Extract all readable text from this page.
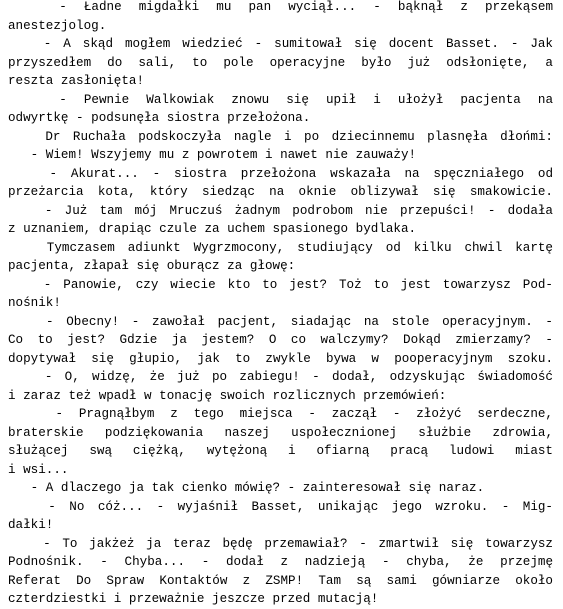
- Ładne migdałki mu pan wyciął... - bąknął z przekąsem
anestezjolog.
- A skąd mogłem wiedzieć - sumitował się docent Basset. - Jak
przyszedłem do sali, to pole operacyjne było już odsłonięte, a
reszta zasłonięta!
- Pewnie Walkowiak znowu się upił i ułożył pacjenta na
odwyrtkę - podsunęła siostra przełożona.
Dr Ruchała podskoczyła nagle i po dziecinnemu plasnęła dłońmi:
- Wiem! Wszyjemy mu z powrotem i nawet nie zauważy!
- Akurat... - siostra przełożona wskazała na spęczniałego od
przeżarcia kota, który siedząc na oknie oblizywał się smakowicie.
- Już tam mój Mruczuś żadnym podrobom nie przepuści! - dodała
z uznaniem, drapiąc czule za uchem spasionego bydlaka.
Tymczasem adiunkt Wygrzmocony, studiujący od kilku chwil kartę
pacjenta, złapał się oburącz za głowę:
- Panowie, czy wiecie kto to jest? Toż to jest towarzysz Pod-
nośnik!
- Obecny! - zawołał pacjent, siadając na stole operacyjnym. -
Co to jest? Gdzie ja jestem? O co walczymy? Dokąd zmierzamy? -
dopytywał się głupio, jak to zwykle bywa w pooperacyjnym szoku.
- O, widzę, że już po zabiegu! - dodał, odzyskując świadomość
i zaraz też wpadł w tonację swoich rozlicznych przemówień:
- Pragnąłbym z tego miejsca - zaczął - złożyć serdeczne,
braterskie podziękowania naszej uspołecznionej służbie zdrowia,
służącej swą ciężką, wytężoną i ofiarną pracą ludowi miast
i wsi...
- A dlaczego ja tak cienko mówię? - zainteresował się naraz.
- No cóż... - wyjaśnił Basset, unikając jego wzroku. - Mig-
dałki!
- To jakżeż ja teraz będę przemawiał? - zmartwił się towarzysz
Podnośnik. - Chyba... - dodał z nadzieją - chyba, że przejmę
Referat Do Spraw Kontaktów z ZSMP! Tam są sami gówniarze około
czterdziestki i przeważnie jeszcze przed mutacją!
